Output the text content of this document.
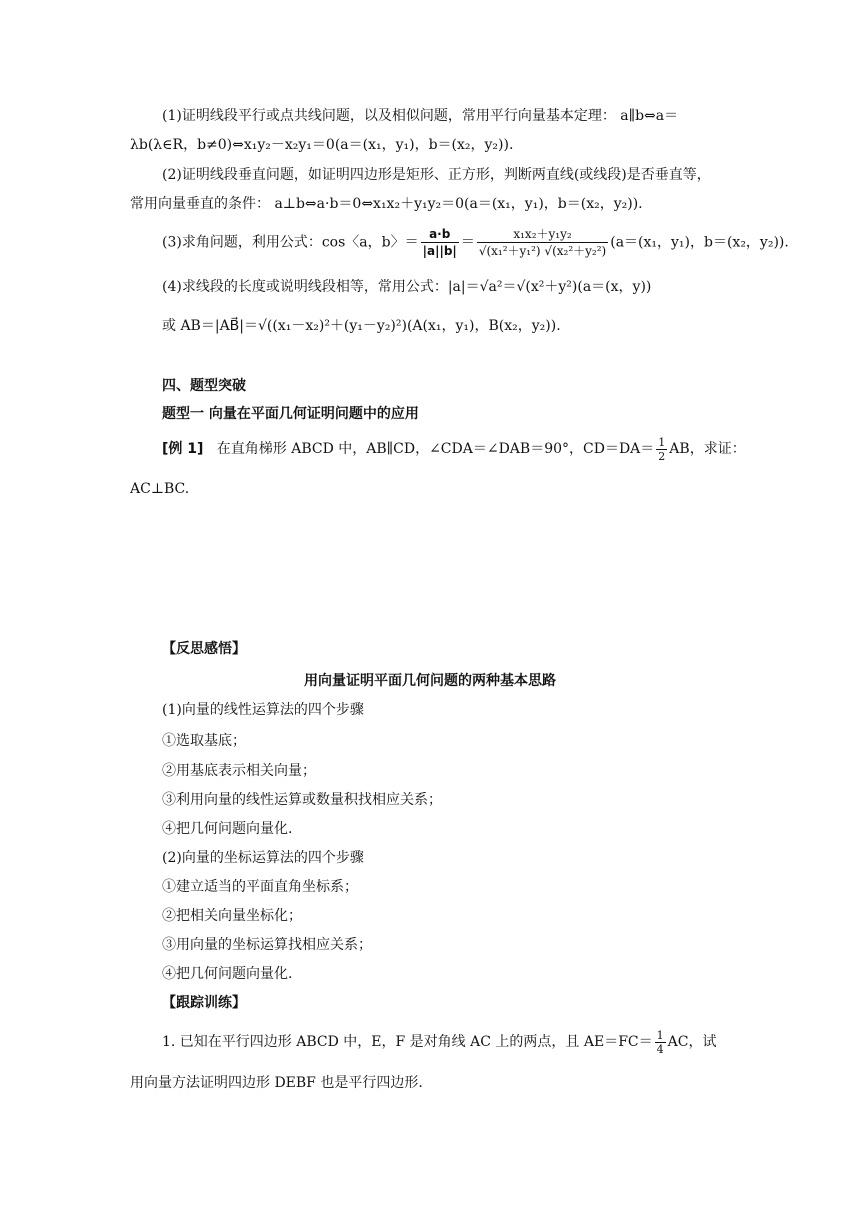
(1)证明线段平行或点共线问题，以及相似问题，常用平行向量基本定理： a∥b⇔a＝
λb(λ∈R，b≠0)⇔x₁y₂－x₂y₁＝0(a＝(x₁，y₁)，b＝(x₂，y₂)).
(2)证明线段垂直问题，如证明四边形是矩形、正方形，判断两直线(或线段)是否垂直等，
常用向量垂直的条件： a⊥b⇔a·b＝0⇔x₁x₂＋y₁y₂＝0(a＝(x₁，y₁)，b＝(x₂，y₂)).
(3)求角问题，利用公式：cos〈a，b〉＝ $\frac{a\cdot b}{|a||b|} = \frac{\text{x₁x₂＋y₁y₂}}{\text{√(x₁²＋y₁²) √(x₂²＋y₂²)}} (a=(x_1$，y₁)，b＝(x₂，y₂)).
(4)求线段的长度或说明线段相等，常用公式：|a|＝√a²＝√(x²＋y²)(a＝(x，y))
或 AB＝|AB⃗|＝√((x₁－x₂)²＋(y₁－y₂)²)(A(x₁，y₁)，B(x₂，y₂)).
四、题型突破
题型一 向量在平面几何证明问题中的应用
[例 1] 在直角梯形 ABCD 中，AB∥CD，∠CDA＝∠DAB＝90°，$CD=DA= \frac{1}{2}$ AB，求证：
AC⊥BC.
【反思感悟】
用向量证明平面几何问题的两种基本思路
(1)向量的线性运算法的四个步骤
①选取基底；
②用基底表示相关向量；
③利用向量的线性运算或数量积找相应关系；
④把几何问题向量化.
(2)向量的坐标运算法的四个步骤
①建立适当的平面直角坐标系；
②把相关向量坐标化；
③用向量的坐标运算找相应关系；
④把几何问题向量化.
【跟踪训练】
1. 已知在平行四边形 ABCD 中，E，F 是对角线 AC 上的两点，且 $AE=FC= \frac{1}{4}$ AC，试
用向量方法证明四边形 DEBF 也是平行四边形.
